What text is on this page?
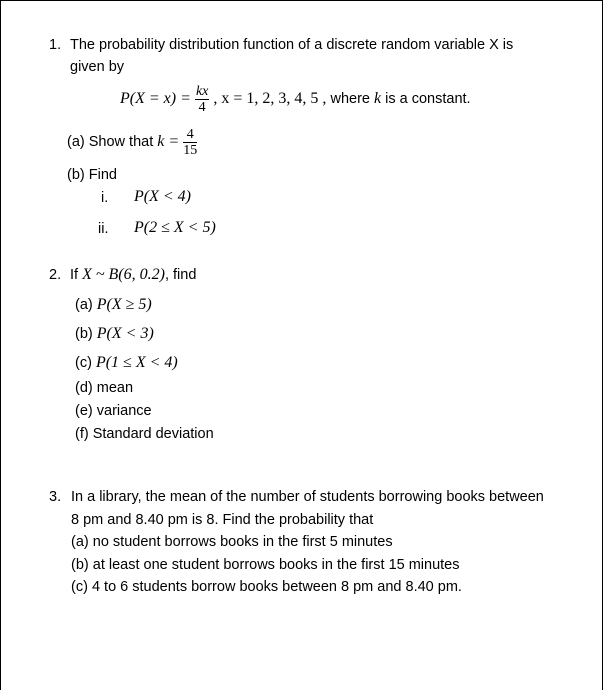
1. The probability distribution function of a discrete random variable X is
given by
$P(X = x) = \frac{kx}{4}$ , x = 1, 2, 3, 4, 5 , where k is a constant.
(a) Show that $k = \frac{4}{15}$
(b) Find
i. P(X < 4)
ii. P(2 ≤ X < 5)
2. If X ~ B(6, 0.2), find
(a) P(X ≥ 5)
(b) P(X < 3)
(c) P(1 ≤ X < 4)
(d) mean
(e) variance
(f) Standard deviation
3. In a library, the mean of the number of students borrowing books between
8 pm and 8.40 pm is 8. Find the probability that
(a) no student borrows books in the first 5 minutes
(b) at least one student borrows books in the first 15 minutes
(c) 4 to 6 students borrow books between 8 pm and 8.40 pm.
